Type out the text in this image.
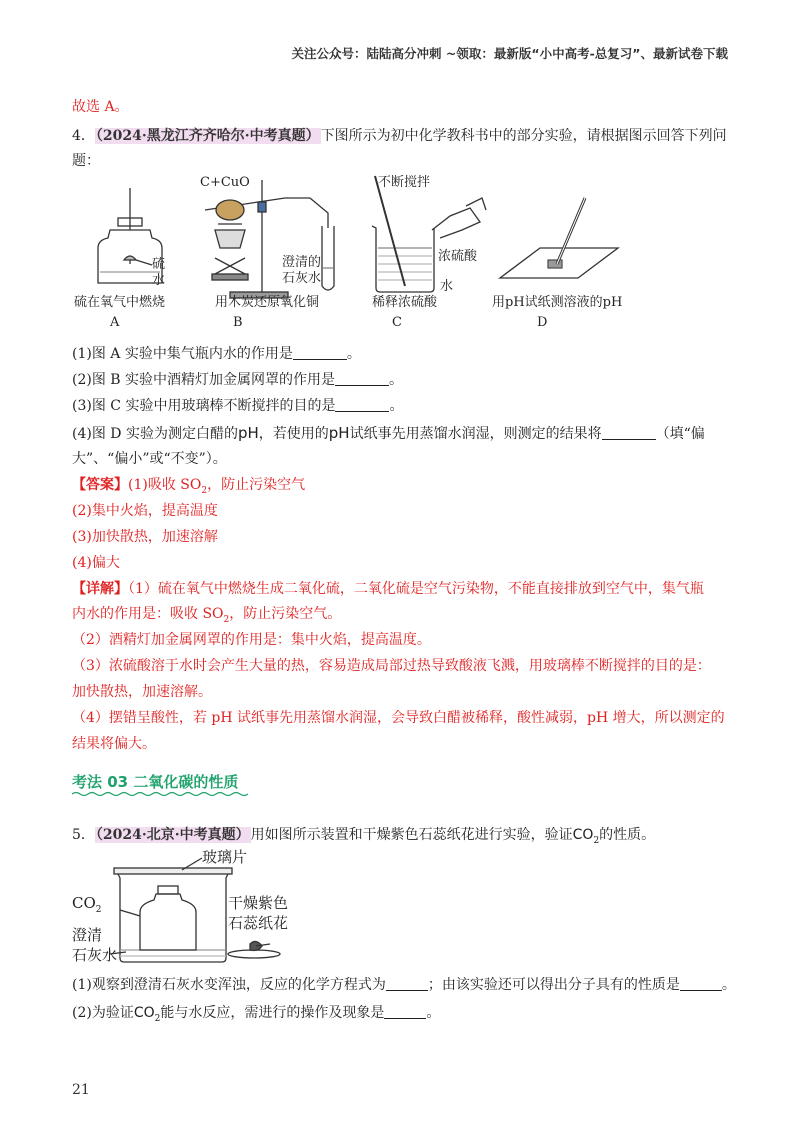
关注公众号：陆陆高分冲刺 ~领取：最新版“小中高考-总复习”、最新试卷下载
故选 A。
4．（2024·黑龙江齐齐哈尔·中考真题）下图所示为初中化学教科书中的部分实验，请根据图示回答下列问
题：
硫
水
硫在氧气中燃烧
A
C+CuO
澄清的
石灰水
用木炭还原氧化铜
B
不断搅拌
浓硫酸
水
稀释浓硫酸
C
用pH试纸测溶液的pH
D
(1)图 A 实验中集气瓶内水的作用是	。
(2)图 B 实验中酒精灯加金属网罩的作用是	。
(3)图 C 实验中用玻璃棒不断搅拌的目的是	。
(4)图 D 实验为测定白醋的pH，若使用的pH试纸事先用蒸馏水润湿，则测定的结果将	（填“偏
大”、“偏小”或“不变”）。
【答案】(1)吸收 $SO_2$，防止污染空气
(2)集中火焰，提高温度
(3)加快散热，加速溶解
(4)偏大
【详解】（1）硫在氧气中燃烧生成二氧化硫，二氧化硫是空气污染物，不能直接排放到空气中，集气瓶
内水的作用是：吸收 $SO_2$，防止污染空气。
（2）酒精灯加金属网罩的作用是：集中火焰，提高温度。
（3）浓硫酸溶于水时会产生大量的热，容易造成局部过热导致酸液飞溅，用玻璃棒不断搅拌的目的是：
加快散热，加速溶解。
（4）摆错呈酸性，若 pH 试纸事先用蒸馏水润湿，会导致白醋被稀释，酸性减弱，pH 增大，所以测定的
结果将偏大。
考法 03 二氧化碳的性质
5．（2024·北京·中考真题）用如图所示装置和干燥紫色石蕊纸花进行实验，验证$CO_2$的性质。
玻璃片
$CO_2$
澄清
石灰水
干燥紫色
石蕊纸花
(1)观察到澄清石灰水变浑浊，反应的化学方程式为	；由该实验还可以得出分子具有的性质是	。
(2)为验证$CO_2$能与水反应，需进行的操作及现象是	。
21
